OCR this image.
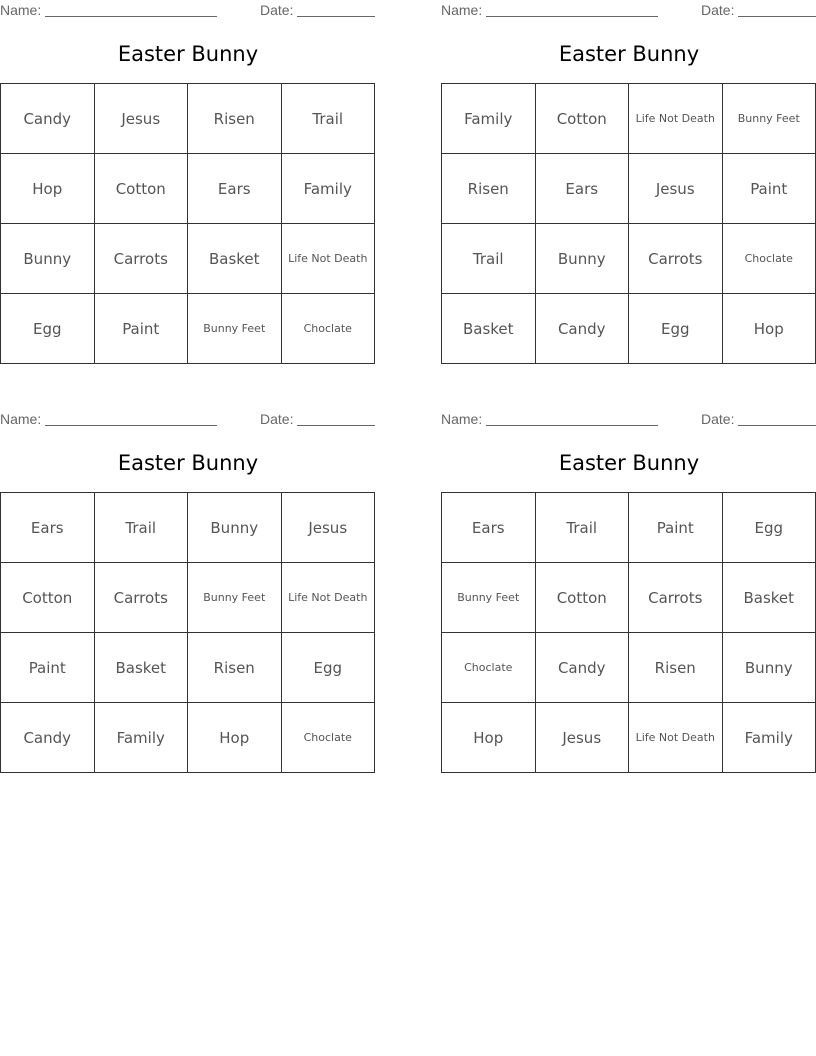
Name:	Date:
Easter Bunny
Candy	Jesus	Risen	Trail
Hop	Cotton	Ears	Family
Bunny	Carrots	Basket	Life Not Death
Egg	Paint	Bunny Feet	Choclate
Name:	Date:
Easter Bunny
Family	Cotton	Life Not Death	Bunny Feet
Risen	Ears	Jesus	Paint
Trail	Bunny	Carrots	Choclate
Basket	Candy	Egg	Hop
Name:	Date:
Easter Bunny
Ears	Trail	Bunny	Jesus
Cotton	Carrots	Bunny Feet	Life Not Death
Paint	Basket	Risen	Egg
Candy	Family	Hop	Choclate
Name:	Date:
Easter Bunny
Ears	Trail	Paint	Egg
Bunny Feet	Cotton	Carrots	Basket
Choclate	Candy	Risen	Bunny
Hop	Jesus	Life Not Death	Family
